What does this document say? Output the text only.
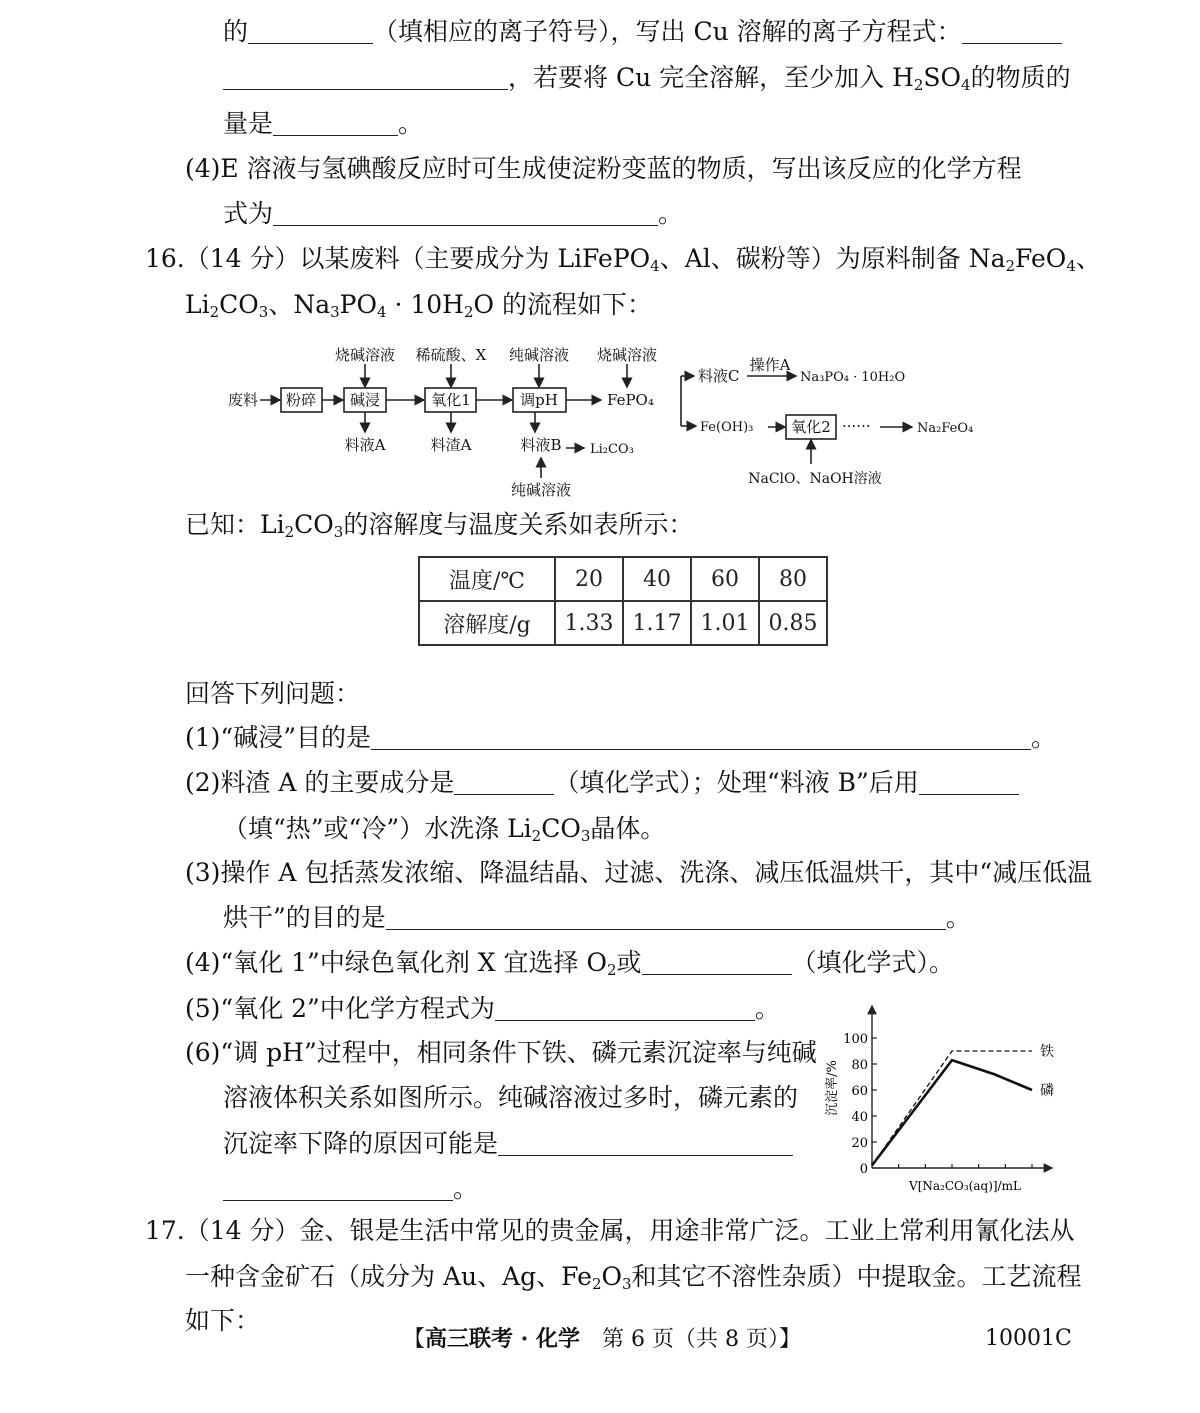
的	（填相应的离子符号），写出 Cu 溶解的离子方程式：
，若要将 Cu 完全溶解，至少加入 $H_2SO_4$的物质的
量是	。
(4)E 溶液与氢碘酸反应时可生成使淀粉变蓝的物质，写出该反应的化学方程
式为	。
16.（14 分）以某废料（主要成分为 LiFePO$_4$、Al、碳粉等）为原料制备 $Na_2FeO_4$、
$Li_2CO_3$、$Na_3PO_4 \cdot 10H_2O$ 的流程如下：
烧碱溶液 稀硫酸、X 纯碱溶液 烧碱溶液
废料 粉碎 碱浸	氧化1	调pH	FePO₄
料液A	料渣A	料液B Li₂CO₃
纯碱溶液
料液C
操作A
Na₃PO₄ · 10H₂O
Fe(OH)₃	氧化2 ······	Na₂FeO₄
NaClO、NaOH溶液
已知：$Li_2CO_3$的溶解度与温度关系如表所示：
温度/℃	20	40	60	80
溶解度/g	1.33	1.17	1.01	0.85
回答下列问题：
(1)“碱浸”目的是	。
(2)料渣 A 的主要成分是	（填化学式）；处理“料液 B”后用
（填“热”或“冷”）水洗涤 $Li_2CO_3$晶体。
(3)操作 A 包括蒸发浓缩、降温结晶、过滤、洗涤、减压低温烘干，其中“减压低温
烘干”的目的是	。
(4)“氧化 1”中绿色氧化剂 X 宜选择 $O_2$或	（填化学式）。
(5)“氧化 2”中化学方程式为	。
(6)“调 pH”过程中，相同条件下铁、磷元素沉淀率与纯碱
溶液体积关系如图所示。纯碱溶液过多时，磷元素的
沉淀率下降的原因可能是
。
0
20
40
60
80
100
铁
磷
沉淀率/%
V[Na₂CO₃(aq)]/mL
17.（14 分）金、银是生活中常见的贵金属，用途非常广泛。工业上常利用氰化法从
一种含金矿石（成分为 Au、Ag、$Fe_2O_3$和其它不溶性杂质）中提取金。工艺流程
如下：
【高三联考 · 化学　第 6 页（共 8 页）】	10001C
